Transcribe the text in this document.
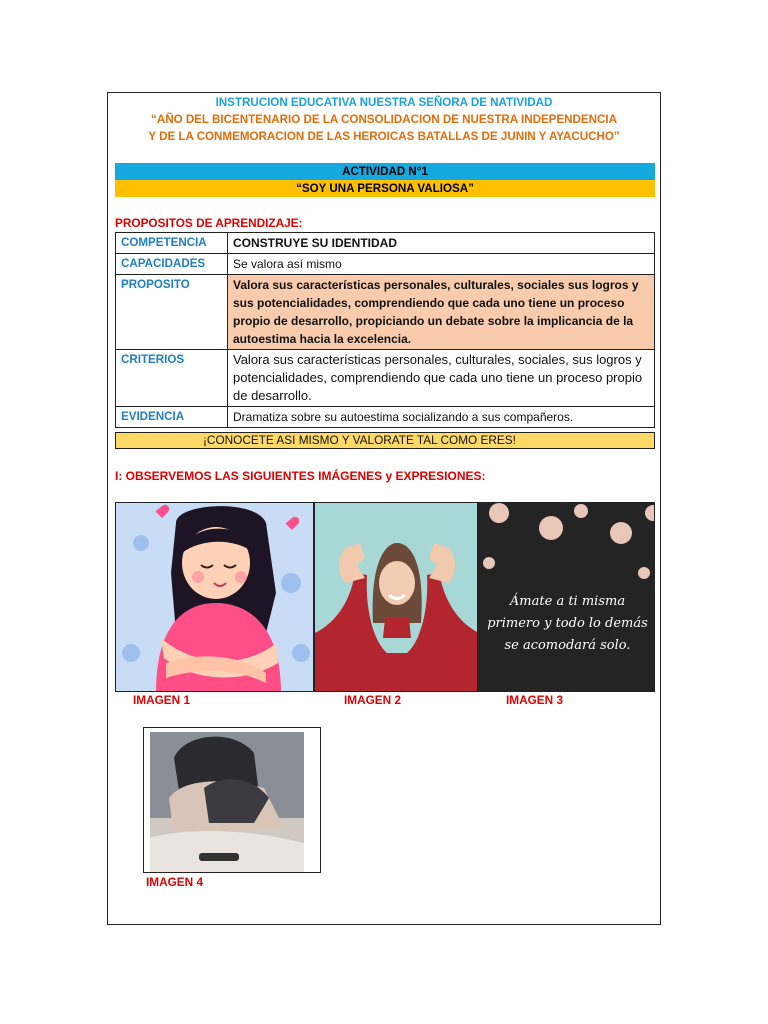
INSTRUCION EDUCATIVA NUESTRA SEÑORA DE NATIVIDAD
“AÑO DEL BICENTENARIO DE LA CONSOLIDACION DE NUESTRA INDEPENDENCIA
Y DE LA CONMEMORACION DE LAS HEROICAS BATALLAS DE JUNIN Y AYACUCHO”
ACTIVIDAD N°1
“SOY UNA PERSONA VALIOSA”
PROPOSITOS DE APRENDIZAJE:
COMPETENCIA	CONSTRUYE SU IDENTIDAD
CAPACIDADES	Se valora así mismo
PROPOSITO	Valora sus características personales, culturales, sociales sus logros y sus potencialidades, comprendiendo que cada uno tiene un proceso propio de desarrollo, propiciando un debate sobre la implicancia de la autoestima hacia la excelencia.
CRITERIOS	Valora sus características personales, culturales, sociales, sus logros y potencialidades, comprendiendo que cada uno tiene un proceso propio de desarrollo.
EVIDENCIA	Dramatiza sobre su autoestima socializando a sus compañeros.
¡CONOCETE ASI MISMO Y VALORATE TAL COMO ERES!
I: OBSERVEMOS LAS SIGUIENTES IMÁGENES y EXPRESIONES:
Ámate a ti misma
primero y todo lo demás
se acomodará solo.
IMAGEN 1	IMAGEN 2	IMAGEN 3
IMAGEN 4
